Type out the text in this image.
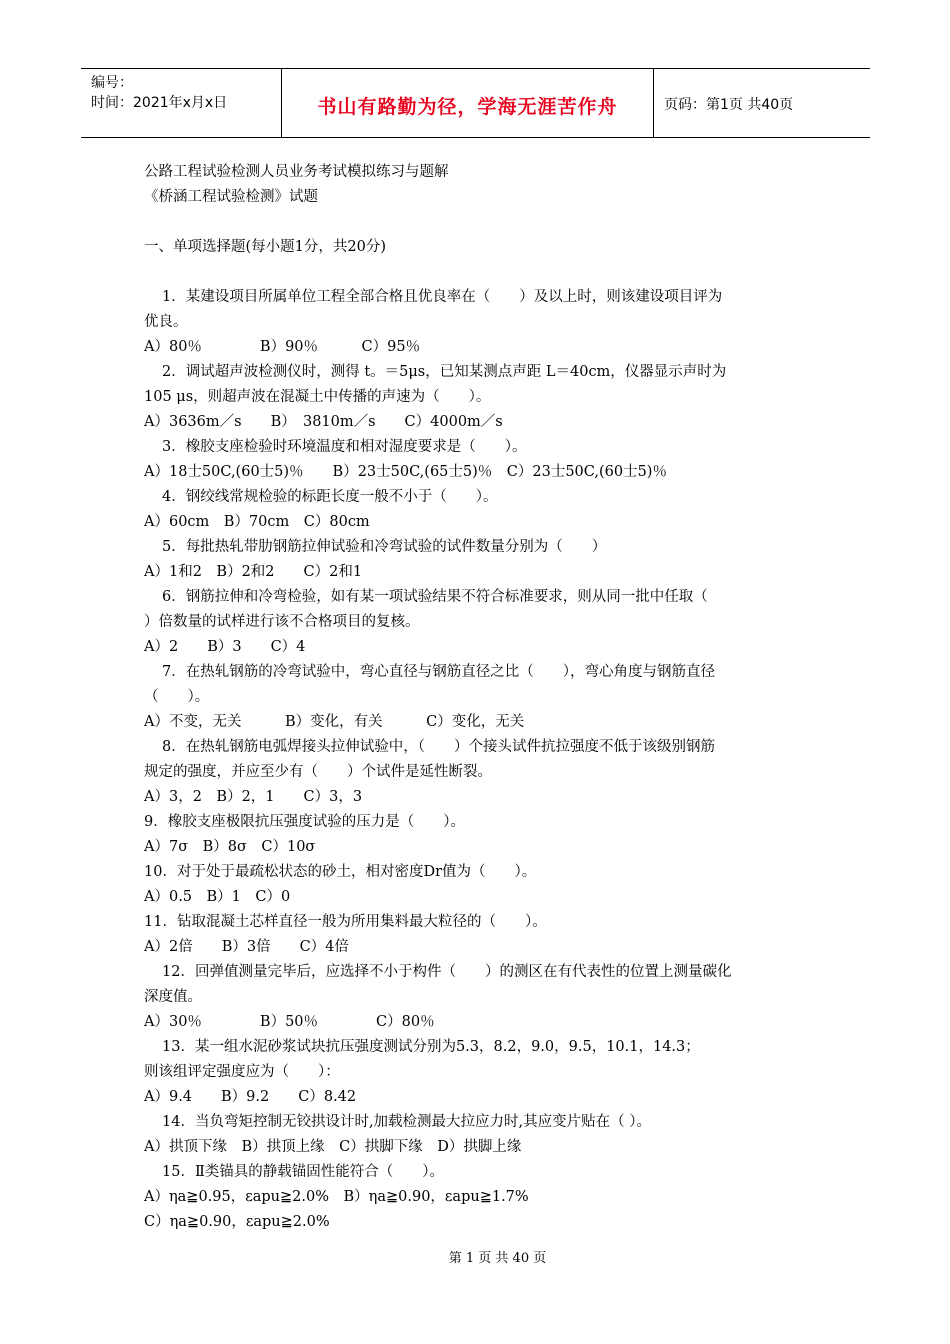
编号：
时间：2021年x月x日	书山有路勤为径，学海无涯苦作舟	页码：第1页 共40页
公路工程试验检测人员业务考试模拟练习与题解
《桥涵工程试验检测》试题
一、单项选择题(每小题1分，共20分)
1．某建设项目所属单位工程全部合格且优良率在（　　）及以上时，则该建设项目评为
优良。
A）80％　　　　B）90％　　　C）95％
2．调试超声波检测仪时，测得 t。＝5μs，已知某测点声距 L＝40cm，仪器显示声时为
105 μs，则超声波在混凝土中传播的声速为（　　）。
A）3636m／s　　B）　3810m／s　　C）4000m／s
3．橡胶支座检验时环境温度和相对湿度要求是（　　）。
A）18士50C,(60士5)％　　B）23士50C,(65士5)％　C）23士50C,(60士5)％
4．钢绞线常规检验的标距长度一般不小于（　　）。
A）60cm　B）70cm　C）80cm
5．每批热轧带肋钢筋拉伸试验和冷弯试验的试件数量分别为（　　）
A）1和2　B）2和2　　C）2和1
6．钢筋拉伸和冷弯检验，如有某一项试验结果不符合标准要求，则从同一批中任取（
）倍数量的试样进行该不合格项目的复核。
A）2　　B）3　　C）4
7．在热轧钢筋的冷弯试验中，弯心直径与钢筋直径之比（　　），弯心角度与钢筋直径
（　　）。
A）不变，无关　　　B）变化，有关　　　C）变化，无关
8．在热轧钢筋电弧焊接头拉伸试验中，（　　）个接头试件抗拉强度不低于该级别钢筋
规定的强度，并应至少有（　　）个试件是延性断裂。
A）3，2　B）2，1　　C）3，3
9．橡胶支座极限抗压强度试验的压力是（　　）。
A）7σ　B）8σ　C）10σ
10．对于处于最疏松状态的砂土，相对密度Dr值为（　　）。
A）0.5　B）1　C）0
11．钻取混凝土芯样直径一般为所用集料最大粒径的（　　）。
A）2倍　　B）3倍　　C）4倍
12．回弹值测量完毕后，应选择不小于构件（　　）的测区在有代表性的位置上测量碳化
深度值。
A）30％　　　　B）50％　　　　C）80％
13．某一组水泥砂浆试块抗压强度测试分别为5.3，8.2，9.0，9.5，10.1，14.3；
则该组评定强度应为（　　）：
A）9.4　　B）9.2　　C）8.42
14．当负弯矩控制无铰拱设计时,加载检测最大拉应力时,其应变片贴在（ ）。
A）拱顶下缘　B）拱顶上缘　C）拱脚下缘　D）拱脚上缘
15．Ⅱ类锚具的静载锚固性能符合（　　）。
A）ηa≧0.95，εapu≧2.0%　B）ηa≧0.90，εapu≧1.7%
C）ηa≧0.90，εapu≧2.0%
第 1 页 共 40 页
